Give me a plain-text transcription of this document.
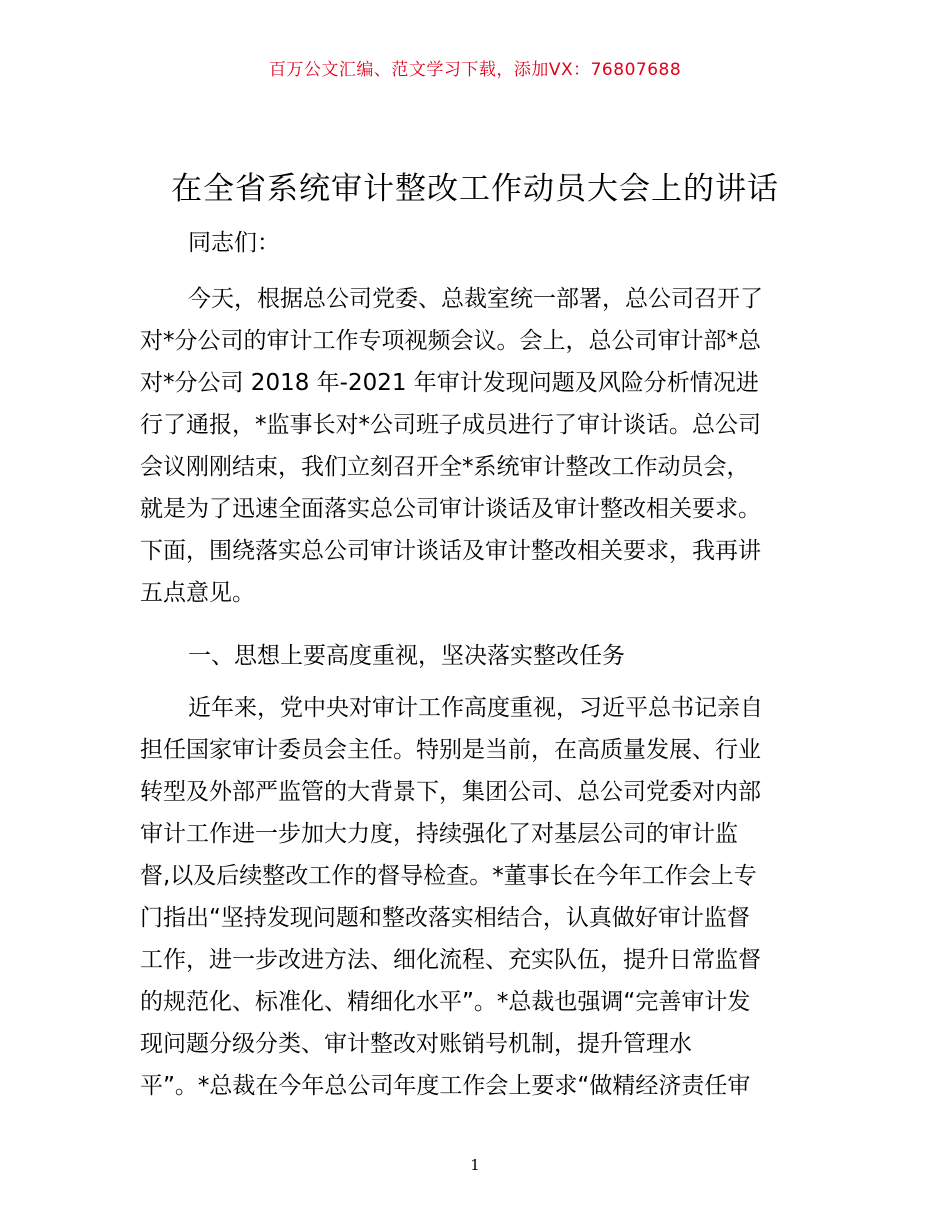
百万公文汇编、范文学习下载，添加VX：76807688
在全省系统审计整改工作动员大会上的讲话
同志们：
今天，根据总公司党委、总裁室统一部署，总公司召开了
对*分公司的审计工作专项视频会议。会上，总公司审计部*总
对*分公司 2018 年-2021 年审计发现问题及风险分析情况进
行了通报，*监事长对*公司班子成员进行了审计谈话。总公司
会议刚刚结束，我们立刻召开全*系统审计整改工作动员会，
就是为了迅速全面落实总公司审计谈话及审计整改相关要求。
下面，围绕落实总公司审计谈话及审计整改相关要求，我再讲
五点意见。
一、思想上要高度重视，坚决落实整改任务
近年来，党中央对审计工作高度重视，习近平总书记亲自
担任国家审计委员会主任。特别是当前，在高质量发展、行业
转型及外部严监管的大背景下，集团公司、总公司党委对内部
审计工作进一步加大力度，持续强化了对基层公司的审计监
督,以及后续整改工作的督导检查。*董事长在今年工作会上专
门指出“坚持发现问题和整改落实相结合，认真做好审计监督
工作，进一步改进方法、细化流程、充实队伍，提升日常监督
的规范化、标准化、精细化水平”。*总裁也强调“完善审计发
现问题分级分类、审计整改对账销号机制，提升管理水
平”。*总裁在今年总公司年度工作会上要求“做精经济责任审
1
